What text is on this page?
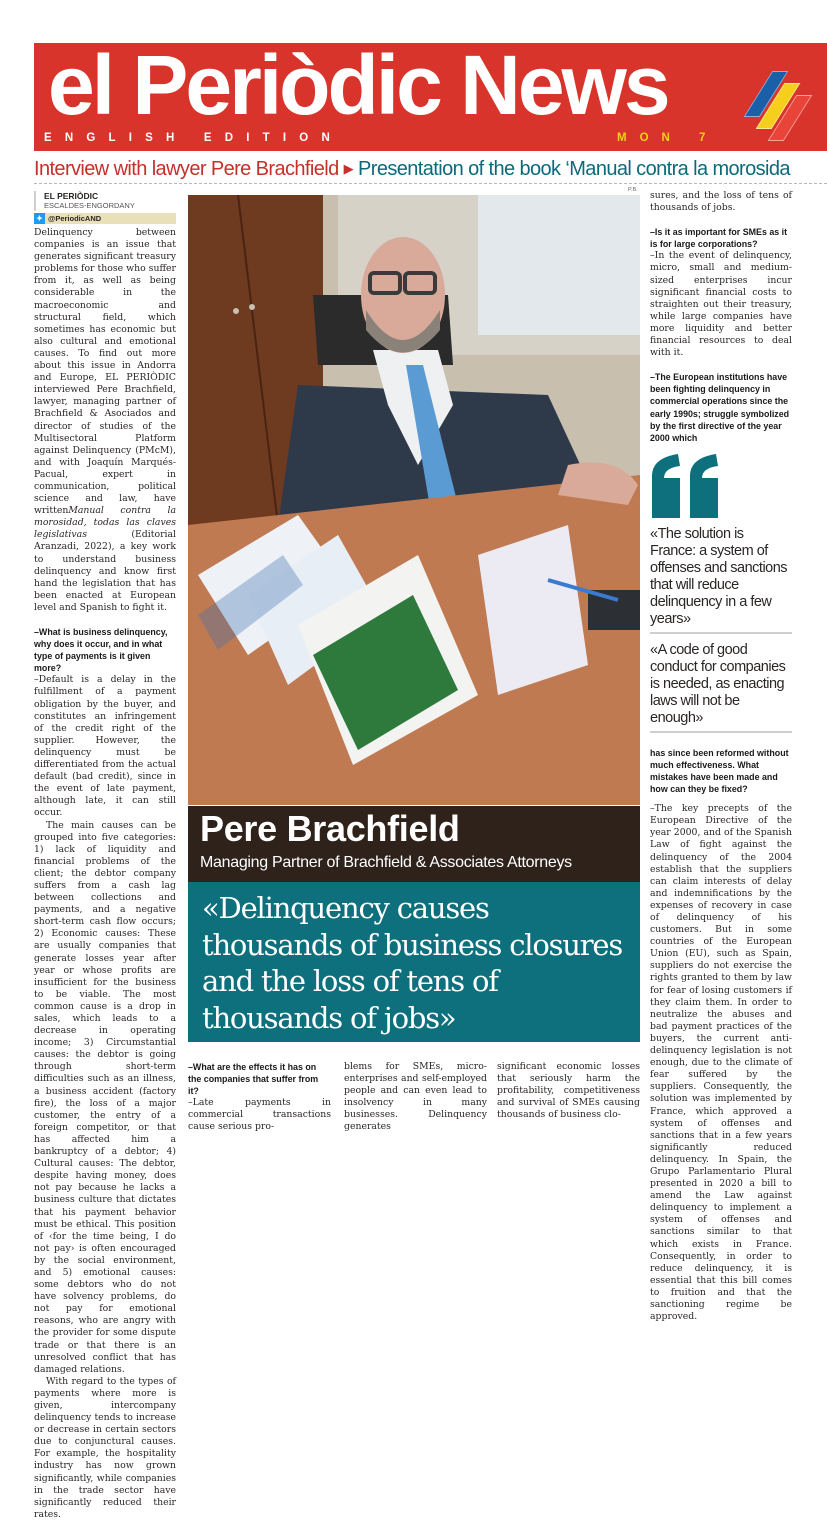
el Periòdic News
ENGLISH EDITION	MON 7
Interview with lawyer Pere Brachfield ▶ Presentation of the book ‘Manual contra la morosida
EL PERIÒDIC
ESCALDES-ENGORDANY
✦ @PeriodicAND

Delinquency between companies is an issue that generates significant treasury problems for those who suffer from it, as well as being considerable in the macroeconomic and structural field, which sometimes has economic but also cultural and emotional causes. To find out more about this issue in Andorra and Europe, EL PERIÒDIC interviewed Pere Brachfield, lawyer, managing partner of Brachfield & Asociados and director of studies of the Multisectoral Platform against Delinquency (PMcM), and with Joaquín Marqués-Pacual, expert in communication, political science and law, have writtenManual contra la morosidad, todas las claves legislativas (Editorial Aranzadi, 2022), a key work to understand business delinquency and know first hand the legislation that has been enacted at European level and Spanish to fight it.

–What is business delinquency, why does it occur, and in what type of payments is it given more?

–Default is a delay in the fulfillment of a payment obligation by the buyer, and constitutes an infringement of the credit right of the supplier. However, the delinquency must be differentiated from the actual default (bad credit), since in the event of late payment, although late, it can still occur.

The main causes can be grouped into five categories: 1) lack of liquidity and financial problems of the client; the debtor company suffers from a cash lag between collections and payments, and a negative short-term cash flow occurs; 2) Economic causes: These are usually companies that generate losses year after year or whose profits are insufficient for the business to be viable. The most common cause is a drop in sales, which leads to a decrease in operating income; 3) Circumstantial causes: the debtor is going through short-term difficulties such as an illness, a business accident (factory fire), the loss of a major customer, the entry of a foreign competitor, or that has affected him a bankruptcy of a debtor; 4) Cultural causes: The debtor, despite having money, does not pay because he lacks a business culture that dictates that his payment behavior must be ethical. This position of ‹for the time being, I do not pay› is often encouraged by the social environment, and 5) emotional causes: some debtors who do not have solvency problems, do not pay for emotional reasons, who are angry with the provider for some dispute trade or that there is an unresolved conflict that has damaged relations.

With regard to the types of payments where more is given, intercompany delinquency tends to increase or decrease in certain sectors due to conjunctural causes. For example, the hospitality industry has now grown significantly, while companies in the trade sector have significantly reduced their rates.

P.B.
Pere Brachfield
Managing Partner of Brachfield & Associates Attorneys
«Delinquency causes thousands of business closures and the loss of tens of thousands of jobs»

–What are the effects it has on the companies that suffer from it?

–Late payments in commercial transactions cause serious pro-

blems for SMEs, micro-enterprises and self-employed people and can even lead to insolvency in many businesses. Delinquency generates

significant economic losses that seriously harm the profitability, competitiveness and survival of SMEs causing thousands of business clo-

sures, and the loss of tens of thousands of jobs.

–Is it as important for SMEs as it is for large corporations?

–In the event of delinquency, micro, small and medium-sized enterprises incur significant financial costs to straighten out their treasury, while large companies have more liquidity and better financial resources to deal with it.

–The European institutions have been fighting delinquency in commercial operations since the early 1990s; struggle symbolized by the first directive of the year 2000 which

«The solution is France: a system of offenses and sanctions that will reduce delinquency in a few years»
«A code of good conduct for companies is needed, as enacting laws will not be enough»

has since been reformed without much effectiveness. What mistakes have been made and how can they be fixed?

–The key precepts of the European Directive of the year 2000, and of the Spanish Law of fight against the delinquency of the 2004 establish that the suppliers can claim interests of delay and indemnifications by the expenses of recovery in case of delinquency of his customers. But in some countries of the European Union (EU), such as Spain, suppliers do not exercise the rights granted to them by law for fear of losing customers if they claim them. In order to neutralize the abuses and bad payment practices of the buyers, the current anti-delinquency legislation is not enough, due to the climate of fear suffered by the suppliers. Consequently, the solution was implemented by France, which approved a system of offenses and sanctions that in a few years significantly reduced delinquency. In Spain, the Grupo Parlamentario Plural presented in 2020 a bill to amend the Law against delinquency to implement a system of offenses and sanctions similar to that which exists in France. Consequently, in order to reduce delinquency, it is essential that this bill comes to fruition and that the sanctioning regime be approved.
